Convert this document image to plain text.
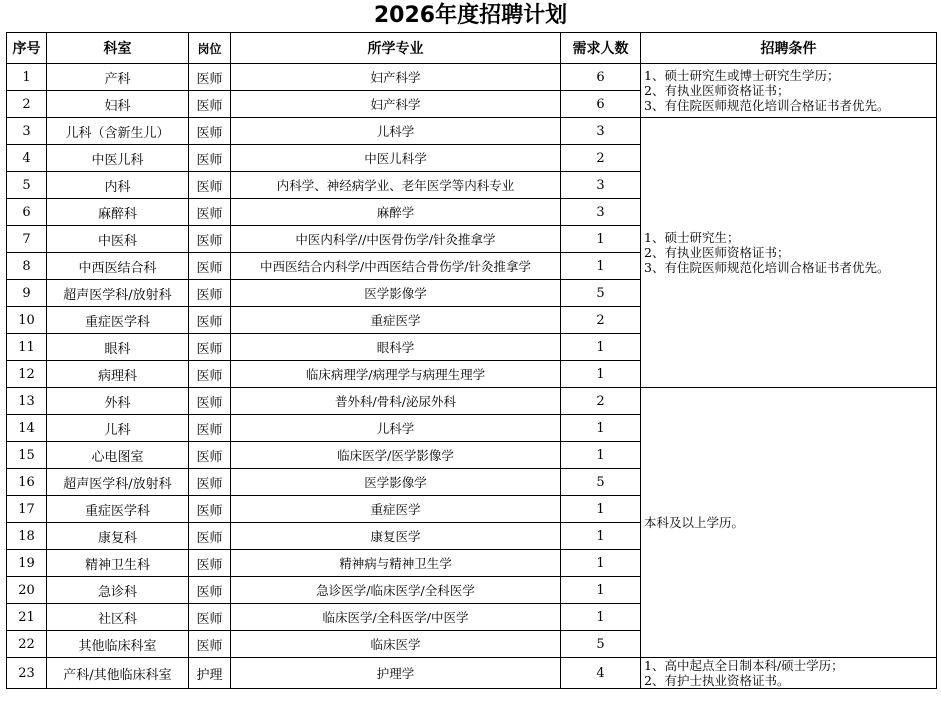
2026年度招聘计划
序号	科室	岗位	所学专业	需求人数	招聘条件
1	产科	医师	妇产科学	6	1、硕士研究生或博士研究生学历；
2、有执业医师资格证书；
3、有住院医师规范化培训合格证书者优先。

2	妇科	医师	妇产科学	6	
3	儿科（含新生儿）	医师	儿科学	3	1、硕士研究生；
2、有执业医师资格证书；
3、有住院医师规范化培训合格证书者优先。

4	中医儿科	医师	中医儿科学	2	
5	内科	医师	内科学、神经病学业、老年医学等内科专业	3	
6	麻醉科	医师	麻醉学	3	
7	中医科	医师	中医内科学//中医骨伤学/针灸推拿学	1	
8	中西医结合科	医师	中西医结合内科学/中西医结合骨伤学/针灸推拿学	1	
9	超声医学科/放射科	医师	医学影像学	5	
10	重症医学科	医师	重症医学	2	
11	眼科	医师	眼科学	1	
12	病理科	医师	临床病理学/病理学与病理生理学	1	
13	外科	医师	普外科/骨科/泌尿外科	2	本科及以上学历。

14	儿科	医师	儿科学	1	
15	心电图室	医师	临床医学/医学影像学	1	
16	超声医学科/放射科	医师	医学影像学	5	
17	重症医学科	医师	重症医学	1	
18	康复科	医师	康复医学	1	
19	精神卫生科	医师	精神病与精神卫生学	1	
20	急诊科	医师	急诊医学/临床医学/全科医学	1	
21	社区科	医师	临床医学/全科医学/中医学	1	
22	其他临床科室	医师	临床医学	5	
23	产科/其他临床科室	护理	护理学	4	1、高中起点全日制本科/硕士学历；
2、有护士执业资格证书。
